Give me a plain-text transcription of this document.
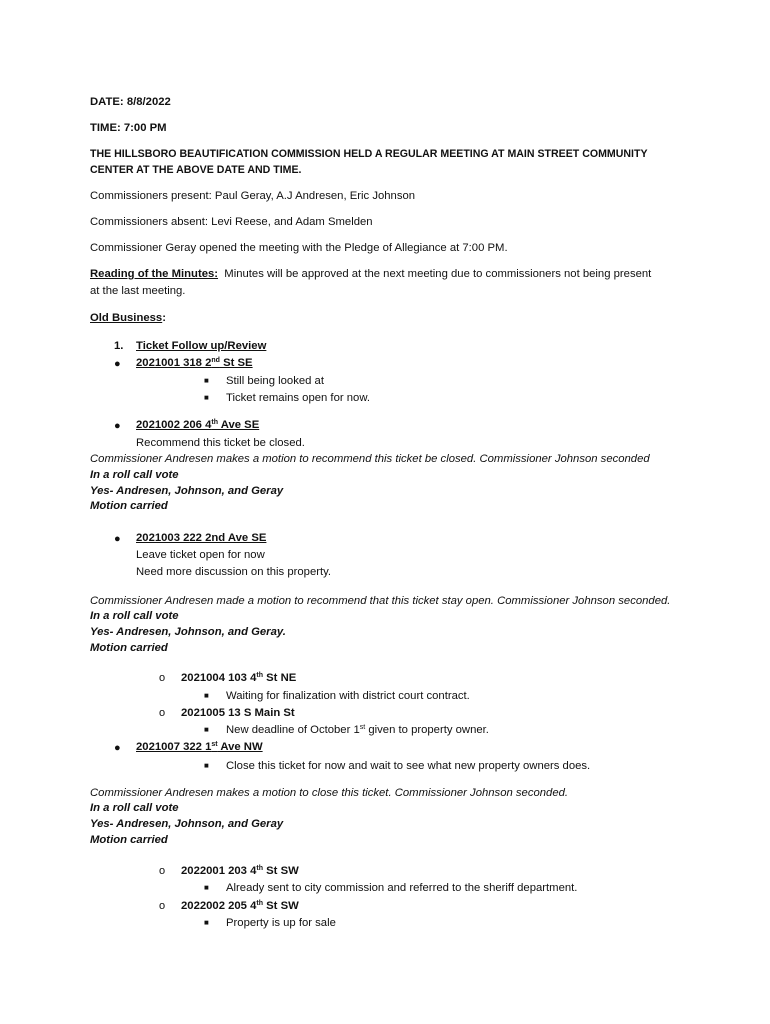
DATE: 8/8/2022
TIME: 7:00 PM
THE HILLSBORO BEAUTIFICATION COMMISSION HELD A REGULAR MEETING AT MAIN STREET COMMUNITY
CENTER AT THE ABOVE DATE AND TIME.
Commissioners present: Paul Geray, A.J Andresen, Eric Johnson
Commissioners absent: Levi Reese, and Adam Smelden
Commissioner Geray opened the meeting with the Pledge of Allegiance at 7:00 PM.
Reading of the Minutes:  Minutes will be approved at the next meeting due to commissioners not being present
at the last meeting.
Old Business:
1. Ticket Follow up/Review
● 2021001 318 2nd St SE
■ Still being looked at
■ Ticket remains open for now.
● 2021002 206 4th Ave SE
Recommend this ticket be closed.
Commissioner Andresen makes a motion to recommend this ticket be closed. Commissioner Johnson seconded
In a roll call vote
Yes- Andresen, Johnson, and Geray
Motion carried
● 2021003 222 2nd Ave SE
Leave ticket open for now
Need more discussion on this property.
Commissioner Andresen made a motion to recommend that this ticket stay open. Commissioner Johnson seconded.
In a roll call vote
Yes- Andresen, Johnson, and Geray.
Motion carried
o 2021004 103 4th St NE
■ Waiting for finalization with district court contract.
o 2021005 13 S Main St
■ New deadline of October 1st given to property owner.
● 2021007 322 1st Ave NW
■ Close this ticket for now and wait to see what new property owners does.
Commissioner Andresen makes a motion to close this ticket. Commissioner Johnson seconded.
In a roll call vote
Yes- Andresen, Johnson, and Geray
Motion carried
o 2022001 203 4th St SW
■ Already sent to city commission and referred to the sheriff department.
o 2022002 205 4th St SW
■ Property is up for sale
